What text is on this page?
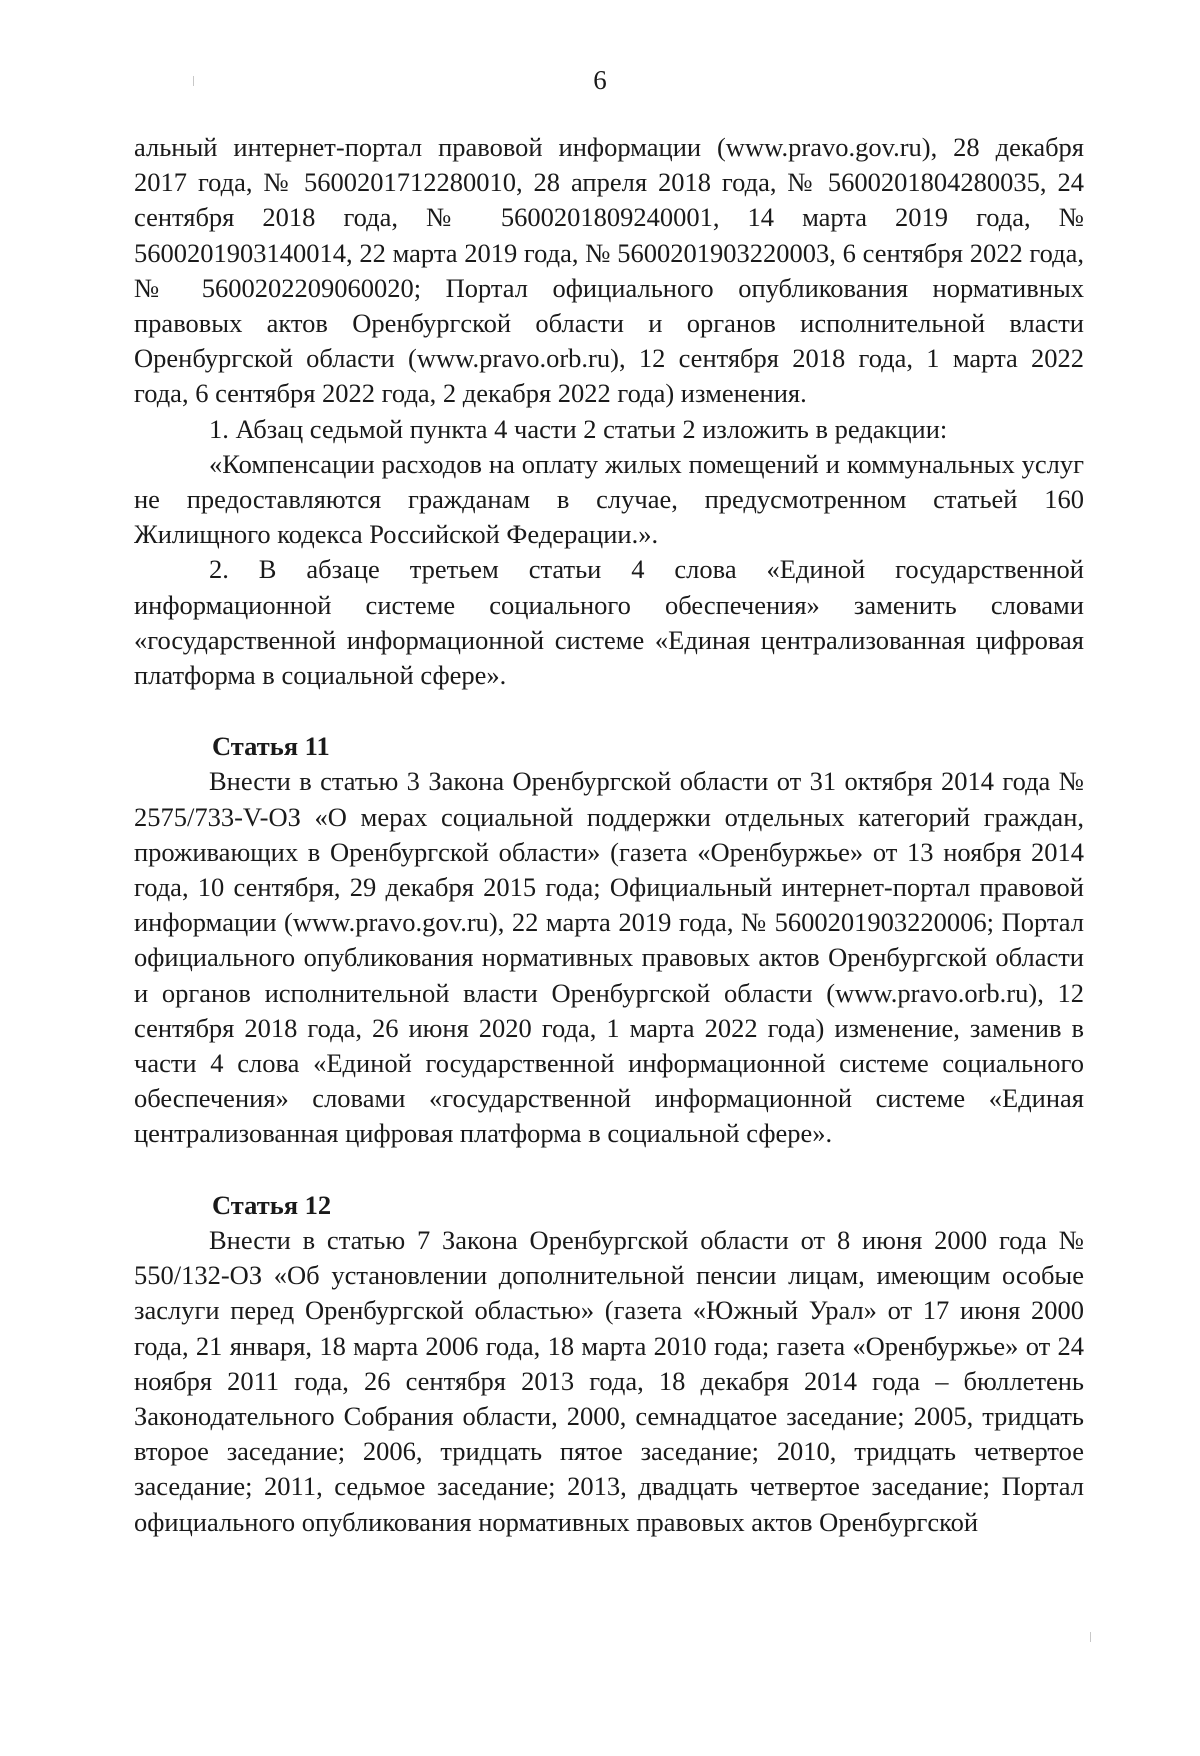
6

альный интернет-портал правовой информации (www.pravo.gov.ru), 28 декабря 2017 года, № 5600201712280010, 28 апреля 2018 года, № 5600201804280035, 24 сентября 2018 года, № 5600201809240001, 14 марта 2019 года, № 5600201903140014, 22 марта 2019 года, № 5600201903220003, 6 сентября 2022 года, № 5600202209060020; Портал официального опубликования нормативных правовых актов Оренбургской области и органов исполнительной власти Оренбургской области (www.pravo.orb.ru), 12 сентября 2018 года, 1 марта 2022 года, 6 сентября 2022 года, 2 декабря 2022 года) изменения.

1. Абзац седьмой пункта 4 части 2 статьи 2 изложить в редакции:

«Компенсации расходов на оплату жилых помещений и коммунальных услуг не предоставляются гражданам в случае, предусмотренном статьей 160 Жилищного кодекса Российской Федерации.».

2. В абзаце третьем статьи 4 слова «Единой государственной информационной системе социального обеспечения» заменить словами «государственной информационной системе «Единая централизованная цифровая платформа в социальной сфере».

Статья 11

Внести в статью 3 Закона Оренбургской области от 31 октября 2014 года № 2575/733-V-ОЗ «О мерах социальной поддержки отдельных категорий граждан, проживающих в Оренбургской области» (газета «Оренбуржье» от 13 ноября 2014 года, 10 сентября, 29 декабря 2015 года; Официальный интернет-портал правовой информации (www.pravo.gov.ru), 22 марта 2019 года, № 5600201903220006; Портал официального опубликования нормативных правовых актов Оренбургской области и органов исполнительной власти Оренбургской области (www.pravo.orb.ru), 12 сентября 2018 года, 26 июня 2020 года, 1 марта 2022 года) изменение, заменив в части 4 слова «Единой государственной информационной системе социального обеспечения» словами «государственной информационной системе «Единая централизованная цифровая платформа в социальной сфере».

Статья 12

Внести в статью 7 Закона Оренбургской области от 8 июня 2000 года № 550/132-ОЗ «Об установлении дополнительной пенсии лицам, имеющим особые заслуги перед Оренбургской областью» (газета «Южный Урал» от 17 июня 2000 года, 21 января, 18 марта 2006 года, 18 марта 2010 года; газета «Оренбуржье» от 24 ноября 2011 года, 26 сентября 2013 года, 18 декабря 2014 года – бюллетень Законодательного Собрания области, 2000, семнадцатое заседание; 2005, тридцать второе заседание; 2006, тридцать пятое заседание; 2010, тридцать четвертое заседание; 2011, седьмое заседание; 2013, двадцать четвертое заседание; Портал официального опубликования нормативных правовых актов Оренбургской
